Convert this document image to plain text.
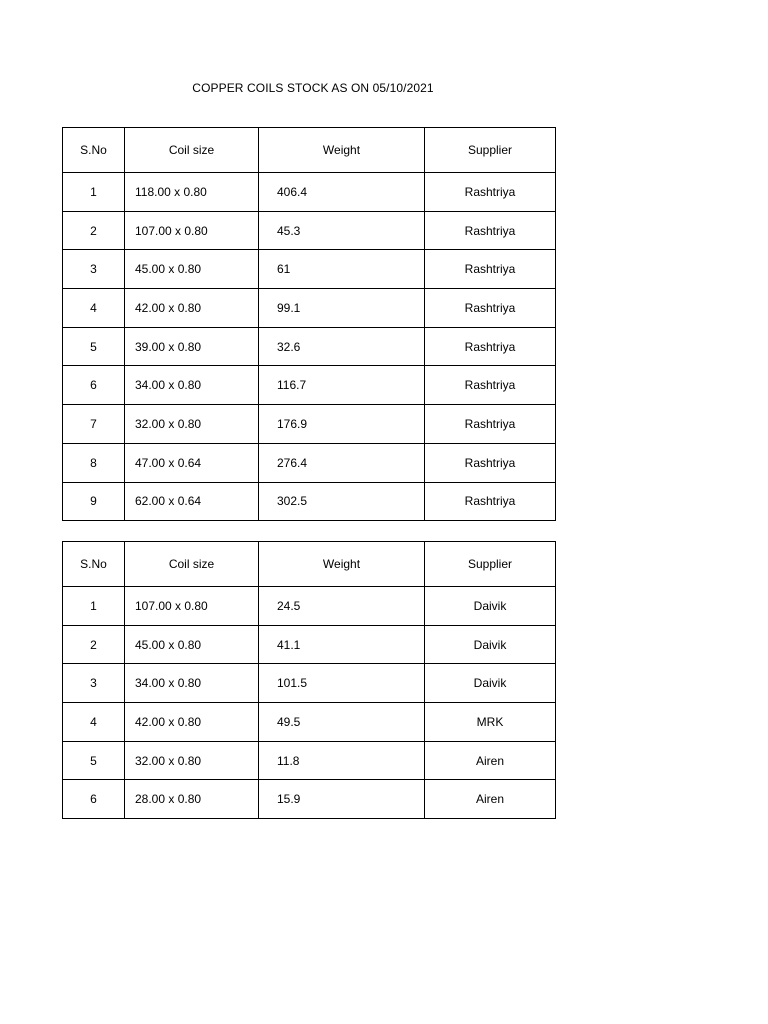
COPPER COILS STOCK AS ON 05/10/2021
S.No	Coil size	Weight	Supplier
1	118.00 x 0.80	406.4	Rashtriya
2	107.00 x 0.80	45.3	Rashtriya
3	45.00 x 0.80	61	Rashtriya
4	42.00 x 0.80	99.1	Rashtriya
5	39.00 x 0.80	32.6	Rashtriya
6	34.00 x 0.80	116.7	Rashtriya
7	32.00 x 0.80	176.9	Rashtriya
8	47.00 x 0.64	276.4	Rashtriya
9	62.00 x 0.64	302.5	Rashtriya
S.No	Coil size	Weight	Supplier
1	107.00 x 0.80	24.5	Daivik
2	45.00 x 0.80	41.1	Daivik
3	34.00 x 0.80	101.5	Daivik
4	42.00 x 0.80	49.5	MRK
5	32.00 x 0.80	11.8	Airen
6	28.00 x 0.80	15.9	Airen
